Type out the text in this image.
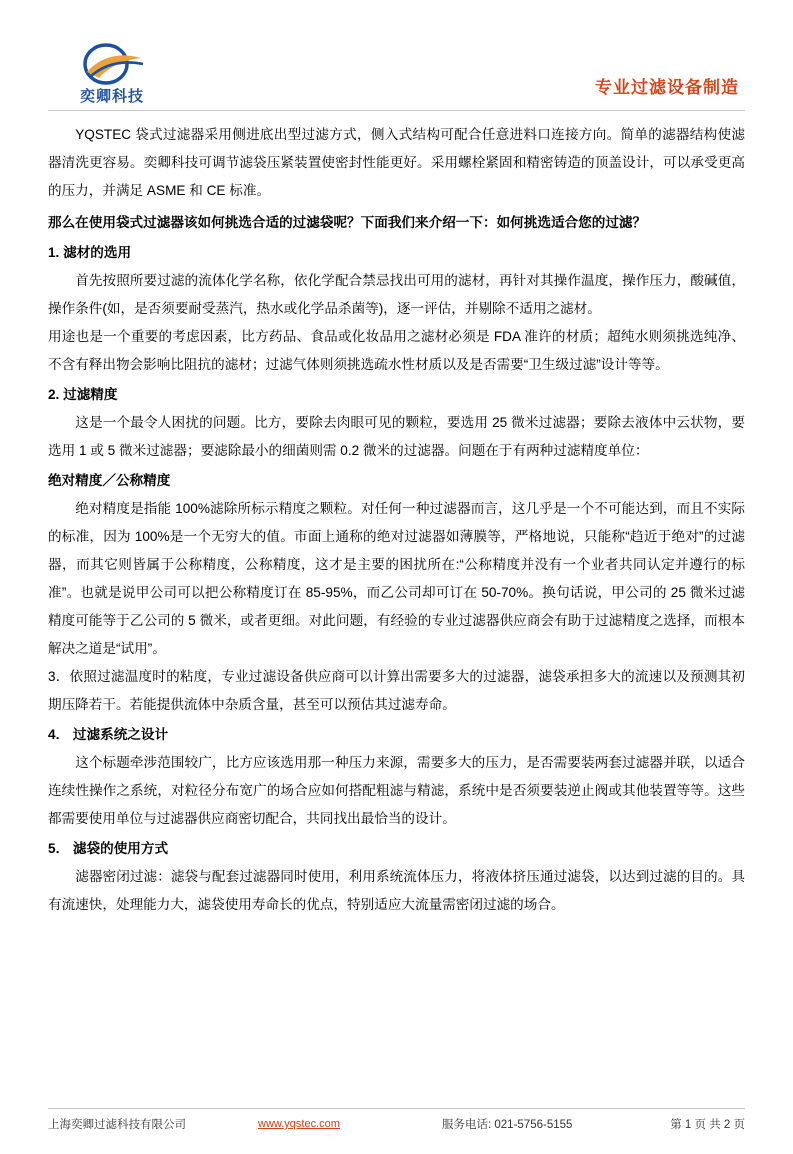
奕卿科技	专业过滤设备制造

YQSTEC 袋式过滤器采用侧进底出型过滤方式，侧入式结构可配合任意进料口连接方向。简单的滤器结构使滤器清洗更容易。奕卿科技可调节滤袋压紧装置使密封性能更好。采用螺栓紧固和精密铸造的顶盖设计，可以承受更高的压力，并满足 ASME 和 CE 标准。

那么在使用袋式过滤器该如何挑选合适的过滤袋呢？下面我们来介绍一下：如何挑选适合您的过滤？

1. 滤材的选用

首先按照所要过滤的流体化学名称，依化学配合禁忌找出可用的滤材，再针对其操作温度，操作压力，酸碱值，操作条件(如，是否须要耐受蒸汽，热水或化学品杀菌等)，逐一评估，并剔除不适用之滤材。

用途也是一个重要的考虑因素，比方药品、食品或化妆品用之滤材必须是 FDA 准许的材质；超纯水则须挑选纯净、不含有释出物会影响比阻抗的滤材；过滤气体则须挑选疏水性材质以及是否需要“卫生级过滤”设计等等。

2. 过滤精度

这是一个最令人困扰的问题。比方，要除去肉眼可见的颗粒，要选用 25 微米过滤器；要除去液体中云状物，要选用 1 或 5 微米过滤器；要滤除最小的细菌则需 0.2 微米的过滤器。问题在于有两种过滤精度单位：

绝对精度／公称精度

绝对精度是指能 100%滤除所标示精度之颗粒。对任何一种过滤器而言，这几乎是一个不可能达到，而且不实际的标准，因为 100%是一个无穷大的值。市面上通称的绝对过滤器如薄膜等，严格地说，只能称“趋近于绝对”的过滤器，而其它则皆属于公称精度，公称精度，这才是主要的困扰所在:“公称精度并没有一个业者共同认定并遵行的标准”。也就是说甲公司可以把公称精度订在 85-95%，而乙公司却可订在 50-70%。换句话说，甲公司的 25 微米过滤精度可能等于乙公司的 5 微米，或者更细。对此问题，有经验的专业过滤器供应商会有助于过滤精度之选择，而根本解决之道是“试用”。

3．依照过滤温度时的粘度，专业过滤设备供应商可以计算出需要多大的过滤器，滤袋承担多大的流速以及预测其初期压降若干。若能提供流体中杂质含量，甚至可以预估其过滤寿命。

4． 过滤系统之设计

这个标题牵涉范围较广，比方应该选用那一种压力来源，需要多大的压力，是否需要装两套过滤器并联，以适合连续性操作之系统，对粒径分布宽广的场合应如何搭配粗滤与精滤，系统中是否须要装逆止阀或其他装置等等。这些都需要使用单位与过滤器供应商密切配合，共同找出最恰当的设计。

5． 滤袋的使用方式

滤器密闭过滤：滤袋与配套过滤器同时使用，利用系统流体压力，将液体挤压通过滤袋，以达到过滤的目的。具有流速快，处理能力大，滤袋使用寿命长的优点，特别适应大流量需密闭过滤的场合。

上海奕卿过滤科技有限公司	www.yqstec.com	服务电话: 021-5756-5155	第 1 页 共 2 页
